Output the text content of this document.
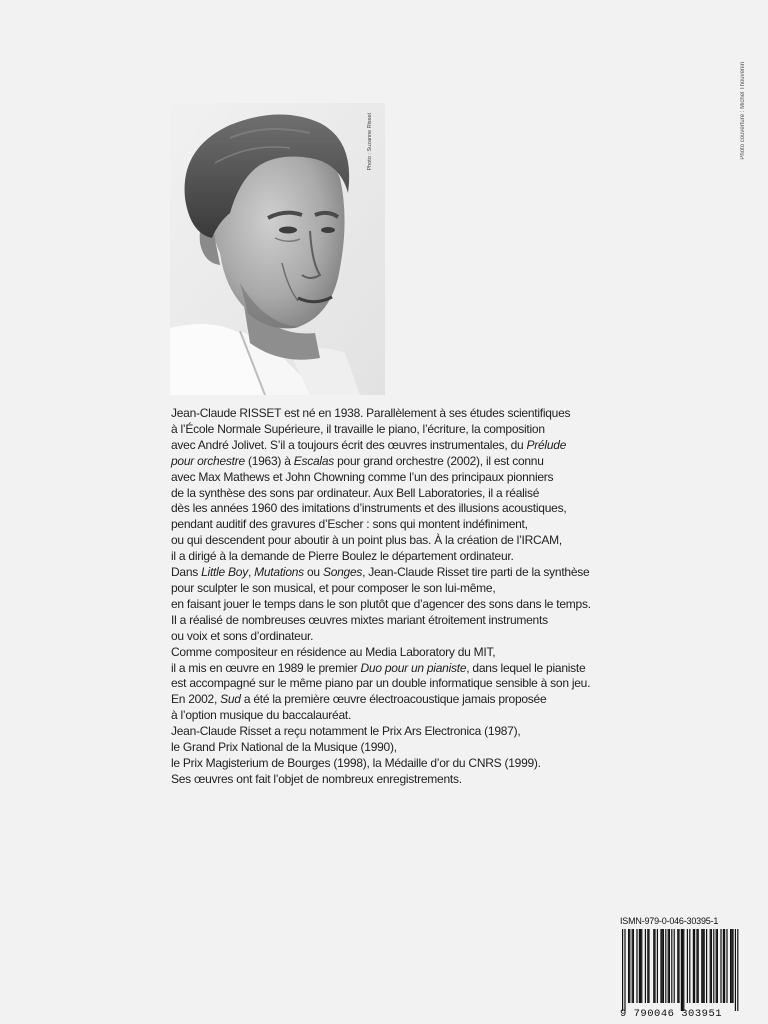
Photo couverture : Michel Thouvenin
Photo : Suzanne Risset
Jean-Claude RISSET est né en 1938. Parallèlement à ses études scientifiques
à l’École Normale Supérieure, il travaille le piano, l’écriture, la composition
avec André Jolivet. S’il a toujours écrit des œuvres instrumentales, du Prélude
pour orchestre (1963) à Escalas pour grand orchestre (2002), il est connu
avec Max Mathews et John Chowning comme l’un des principaux pionniers
de la synthèse des sons par ordinateur. Aux Bell Laboratories, il a réalisé
dès les années 1960 des imitations d’instruments et des illusions acoustiques,
pendant auditif des gravures d’Escher : sons qui montent indéfiniment,
ou qui descendent pour aboutir à un point plus bas. À la création de l’IRCAM,
il a dirigé à la demande de Pierre Boulez le département ordinateur.
Dans Little Boy, Mutations ou Songes, Jean-Claude Risset tire parti de la synthèse
pour sculpter le son musical, et pour composer le son lui-même,
en faisant jouer le temps dans le son plutôt que d’agencer des sons dans le temps.
Il a réalisé de nombreuses œuvres mixtes mariant étroitement instruments
ou voix et sons d’ordinateur.
Comme compositeur en résidence au Media Laboratory du MIT,
il a mis en œuvre en 1989 le premier Duo pour un pianiste, dans lequel le pianiste
est accompagné sur le même piano par un double informatique sensible à son jeu.
En 2002, Sud a été la première œuvre électroacoustique jamais proposée
à l’option musique du baccalauréat.
Jean-Claude Risset a reçu notamment le Prix Ars Electronica (1987),
le Grand Prix National de la Musique (1990),
le Prix Magisterium de Bourges (1998), la Médaille d’or du CNRS (1999).
Ses œuvres ont fait l’objet de nombreux enregistrements.
ISMN-979-0-046-30395-1
9 790046 303951
